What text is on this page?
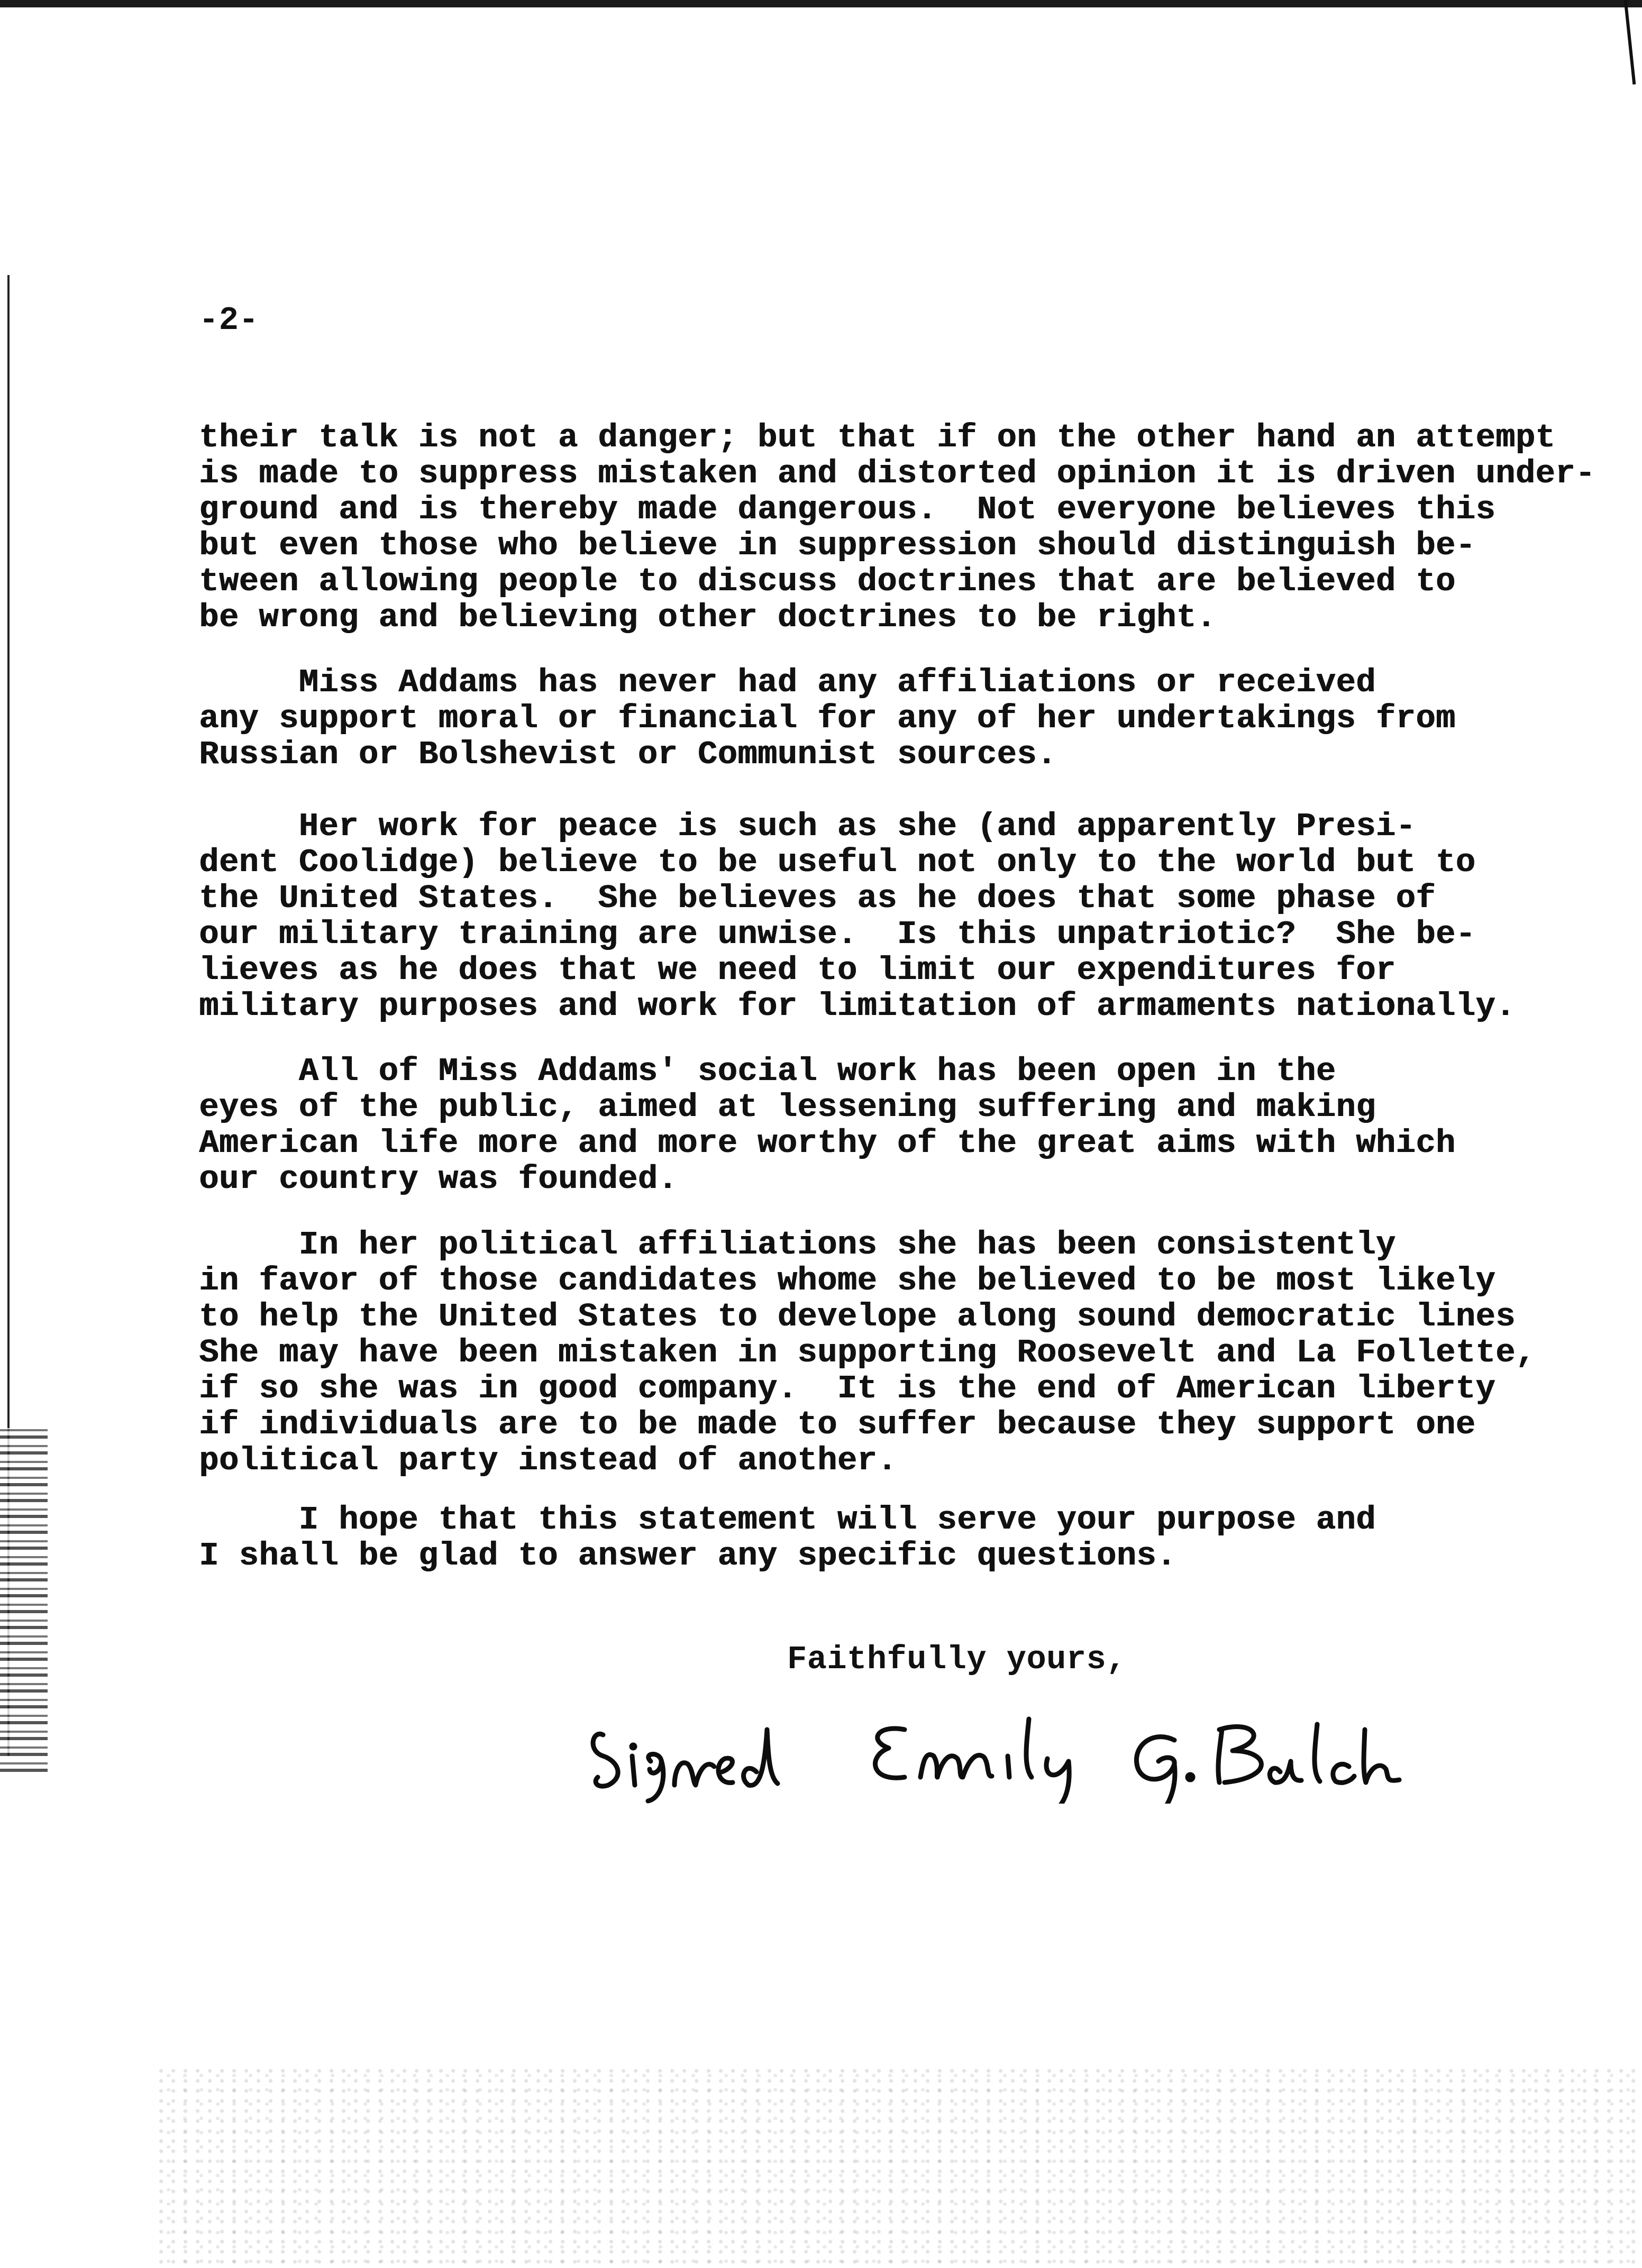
-2-
their talk is not a danger; but that if on the other hand an attempt
is made to suppress mistaken and distorted opinion it is driven under-
ground and is thereby made dangerous.  Not everyone believes this
but even those who believe in suppression should distinguish be-
tween allowing people to discuss doctrines that are believed to
be wrong and believing other doctrines to be right.
Miss Addams has never had any affiliations or received
any support moral or financial for any of her undertakings from
Russian or Bolshevist or Communist sources.
Her work for peace is such as she (and apparently Presi-
dent Coolidge) believe to be useful not only to the world but to
the United States.  She believes as he does that some phase of
our military training are unwise.  Is this unpatriotic?  She be-
lieves as he does that we need to limit our expenditures for
military purposes and work for limitation of armaments nationally.
All of Miss Addams' social work has been open in the
eyes of the public, aimed at lessening suffering and making
American life more and more worthy of the great aims with which
our country was founded.
In her political affiliations she has been consistently
in favor of those candidates whome she believed to be most likely
to help the United States to develope along sound democratic lines
She may have been mistaken in supporting Roosevelt and La Follette,
if so she was in good company.  It is the end of American liberty
if individuals are to be made to suffer because they support one
political party instead of another.
I hope that this statement will serve your purpose and
I shall be glad to answer any specific questions.
Faithfully yours,
